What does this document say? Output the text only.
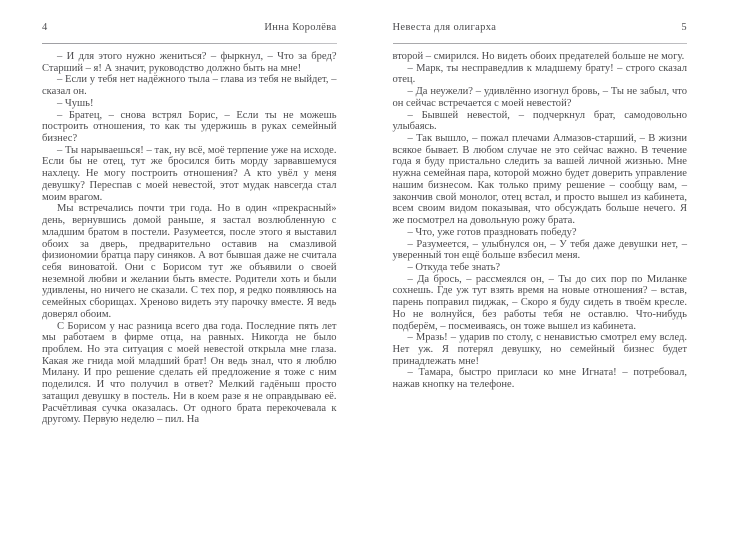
4	Инна Королёва

– И для этого нужно жениться? – фыркнул, – Что за бред? Старший – я! А значит, руководство должно быть на мне!

– Если у тебя нет надёжного тыла – глава из тебя не выйдет, – сказал он.

– Чушь!

– Братец, – снова встрял Борис, – Если ты не можешь построить отношения, то как ты удержишь в руках семейный бизнес?

– Ты нарываешься! – так, ну всё, моё терпение уже на исходе. Если бы не отец, тут же бросился бить морду зарвавшемуся нахлецу. Не могу построить отношения? А кто увёл у меня девушку? Переспав с моей невестой, этот мудак навсегда стал моим врагом.

Мы встречались почти три года. Но в один «прекрасный» день, вернувшись домой раньше, я застал возлюбленную с младшим братом в постели. Разумеется, после этого я выставил обоих за дверь, предварительно оставив на смазливой физиономии братца пару синяков. А вот бывшая даже не считала себя виноватой. Они с Борисом тут же объявили о своей неземной любви и желании быть вместе. Родители хоть и были удивлены, но ничего не сказали. С тех пор, я редко появляюсь на семейных сборищах. Хреново видеть эту парочку вместе. Я ведь доверял обоим.

С Борисом у нас разница всего два года. Последние пять лет мы работаем в фирме отца, на равных. Никогда не было проблем. Но эта ситуация с моей невестой открыла мне глаза. Какая же гнида мой младший брат! Он ведь знал, что я люблю Милану. И про решение сделать ей предложение я тоже с ним поделился. И что получил в ответ? Мелкий гадёныш просто затащил девушку в постель. Ни в коем разе я не оправдываю её. Расчётливая сучка оказалась. От одного брата перекочевала к другому. Первую неделю – пил. На

Невеста для олигарха	5

второй – смирился. Но видеть обоих предателей больше не могу.

– Марк, ты несправедлив к младшему брату! – строго сказал отец.

– Да неужели? – удивлённо изогнул бровь, – Ты не забыл, что он сейчас встречается с моей невестой?

– Бывшей невестой, – подчеркнул брат, самодовольно улыбаясь.

– Так вышло, – пожал плечами Алмазов-старший, – В жизни всякое бывает. В любом случае не это сейчас важно. В течение года я буду пристально следить за вашей личной жизнью. Мне нужна семейная пара, которой можно будет доверить управление нашим бизнесом. Как только приму решение – сообщу вам, – закончив свой монолог, отец встал, и просто вышел из кабинета, всем своим видом показывая, что обсуждать больше нечего. Я же посмотрел на довольную рожу брата.

– Что, уже готов праздновать победу?

– Разумеется, – улыбнулся он, – У тебя даже девушки нет, – уверенный тон ещё больше взбесил меня.

– Откуда тебе знать?

– Да брось, – рассмеялся он, – Ты до сих пор по Миланке сохнешь. Где уж тут взять время на новые отношения? – встав, парень поправил пиджак, – Скоро я буду сидеть в твоём кресле. Но не волнуйся, без работы тебя не оставлю. Что-нибудь подберём, – посмеиваясь, он тоже вышел из кабинета.

– Мразь! – ударив по столу, с ненавистью смотрел ему вслед. Нет уж. Я потерял девушку, но семейный бизнес будет принадлежать мне!

– Тамара, быстро пригласи ко мне Игната! – потребовал, нажав кнопку на телефоне.
